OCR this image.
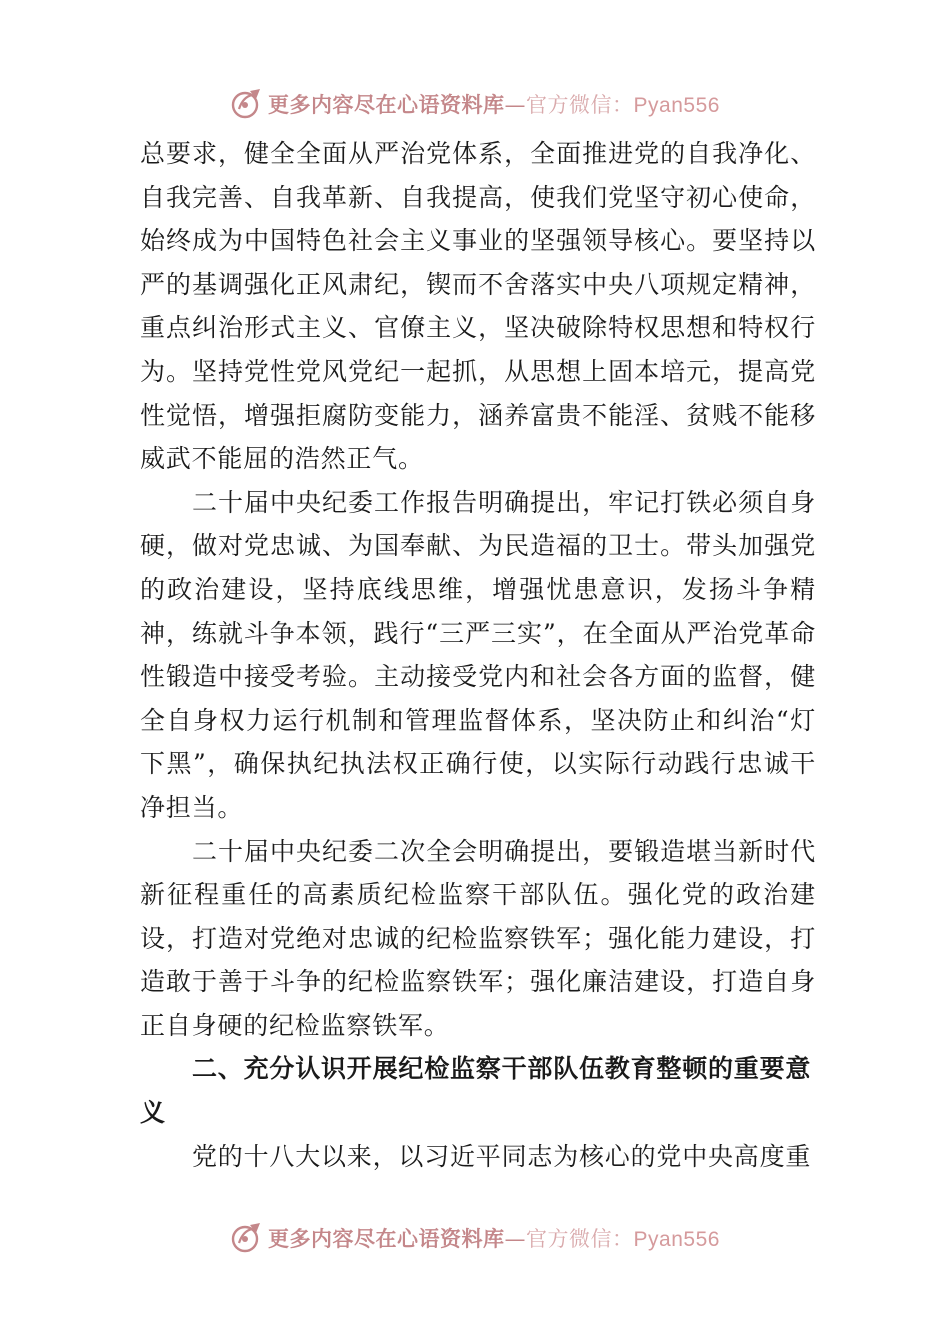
更多内容尽在心语资料库—官方微信：Pyan556

总要求，健全全面从严治党体系，全面推进党的自我净化、自我完善、自我革新、自我提高，使我们党坚守初心使命，始终成为中国特色社会主义事业的坚强领导核心。要坚持以严的基调强化正风肃纪，锲而不舍落实中央八项规定精神，重点纠治形式主义、官僚主义，坚决破除特权思想和特权行为。坚持党性党风党纪一起抓，从思想上固本培元，提高党性觉悟，增强拒腐防变能力，涵养富贵不能淫、贫贱不能移威武不能屈的浩然正气。

二十届中央纪委工作报告明确提出，牢记打铁必须自身硬，做对党忠诚、为国奉献、为民造福的卫士。带头加强党的政治建设，坚持底线思维，增强忧患意识，发扬斗争精神，练就斗争本领，践行“三严三实”，在全面从严治党革命性锻造中接受考验。主动接受党内和社会各方面的监督，健全自身权力运行机制和管理监督体系，坚决防止和纠治“灯下黑”，确保执纪执法权正确行使，以实际行动践行忠诚干净担当。

二十届中央纪委二次全会明确提出，要锻造堪当新时代新征程重任的高素质纪检监察干部队伍。强化党的政治建设，打造对党绝对忠诚的纪检监察铁军；强化能力建设，打造敢于善于斗争的纪检监察铁军；强化廉洁建设，打造自身正自身硬的纪检监察铁军。

二、充分认识开展纪检监察干部队伍教育整顿的重要意义

党的十八大以来，以习近平同志为核心的党中央高度重

更多内容尽在心语资料库—官方微信：Pyan556
